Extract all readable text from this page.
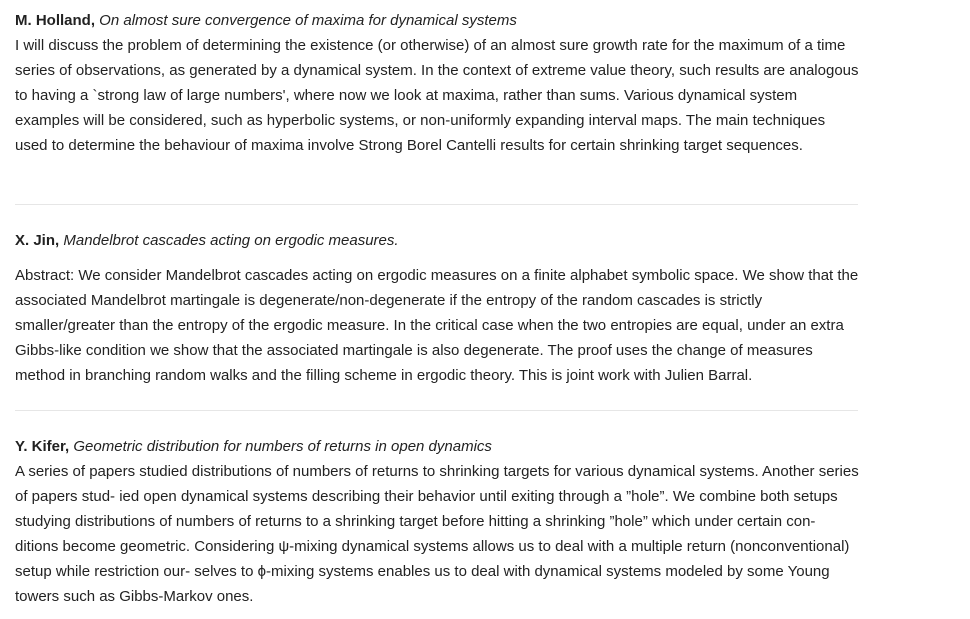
M. Holland, On almost sure convergence of maxima for dynamical systems

I will discuss the problem of determining the existence (or otherwise) of an almost sure growth rate for the maximum of a time series of observations, as generated by a dynamical system. In the context of extreme value theory, such results are analogous to having a `strong law of large numbers', where now we look at maxima, rather than sums. Various dynamical system examples will be considered, such as hyperbolic systems, or non-uniformly expanding interval maps. The main techniques used to determine the behaviour of maxima involve Strong Borel Cantelli results for certain shrinking target sequences.

X. Jin, Mandelbrot cascades acting on ergodic measures.

Abstract: We consider Mandelbrot cascades acting on ergodic measures on a finite alphabet symbolic space. We show that the associated Mandelbrot martingale is degenerate/non-degenerate if the entropy of the random cascades is strictly smaller/greater than the entropy of the ergodic measure. In the critical case when the two entropies are equal, under an extra Gibbs-like condition we show that the associated martingale is also degenerate. The proof uses the change of measures method in branching random walks and the filling scheme in ergodic theory. This is joint work with Julien Barral.

Y. Kifer, Geometric distribution for numbers of returns in open dynamics

A series of papers studied distributions of numbers of returns to shrinking targets for various dynamical systems. Another series of papers stud- ied open dynamical systems describing their behavior until exiting through a ”hole”. We combine both setups studying distributions of numbers of returns to a shrinking target before hitting a shrinking ”hole” which under certain con- ditions become geometric. Considering ψ-mixing dynamical systems allows us to deal with a multiple return (nonconventional) setup while restriction our- selves to ϕ-mixing systems enables us to deal with dynamical systems modeled by some Young towers such as Gibbs-Markov ones.
